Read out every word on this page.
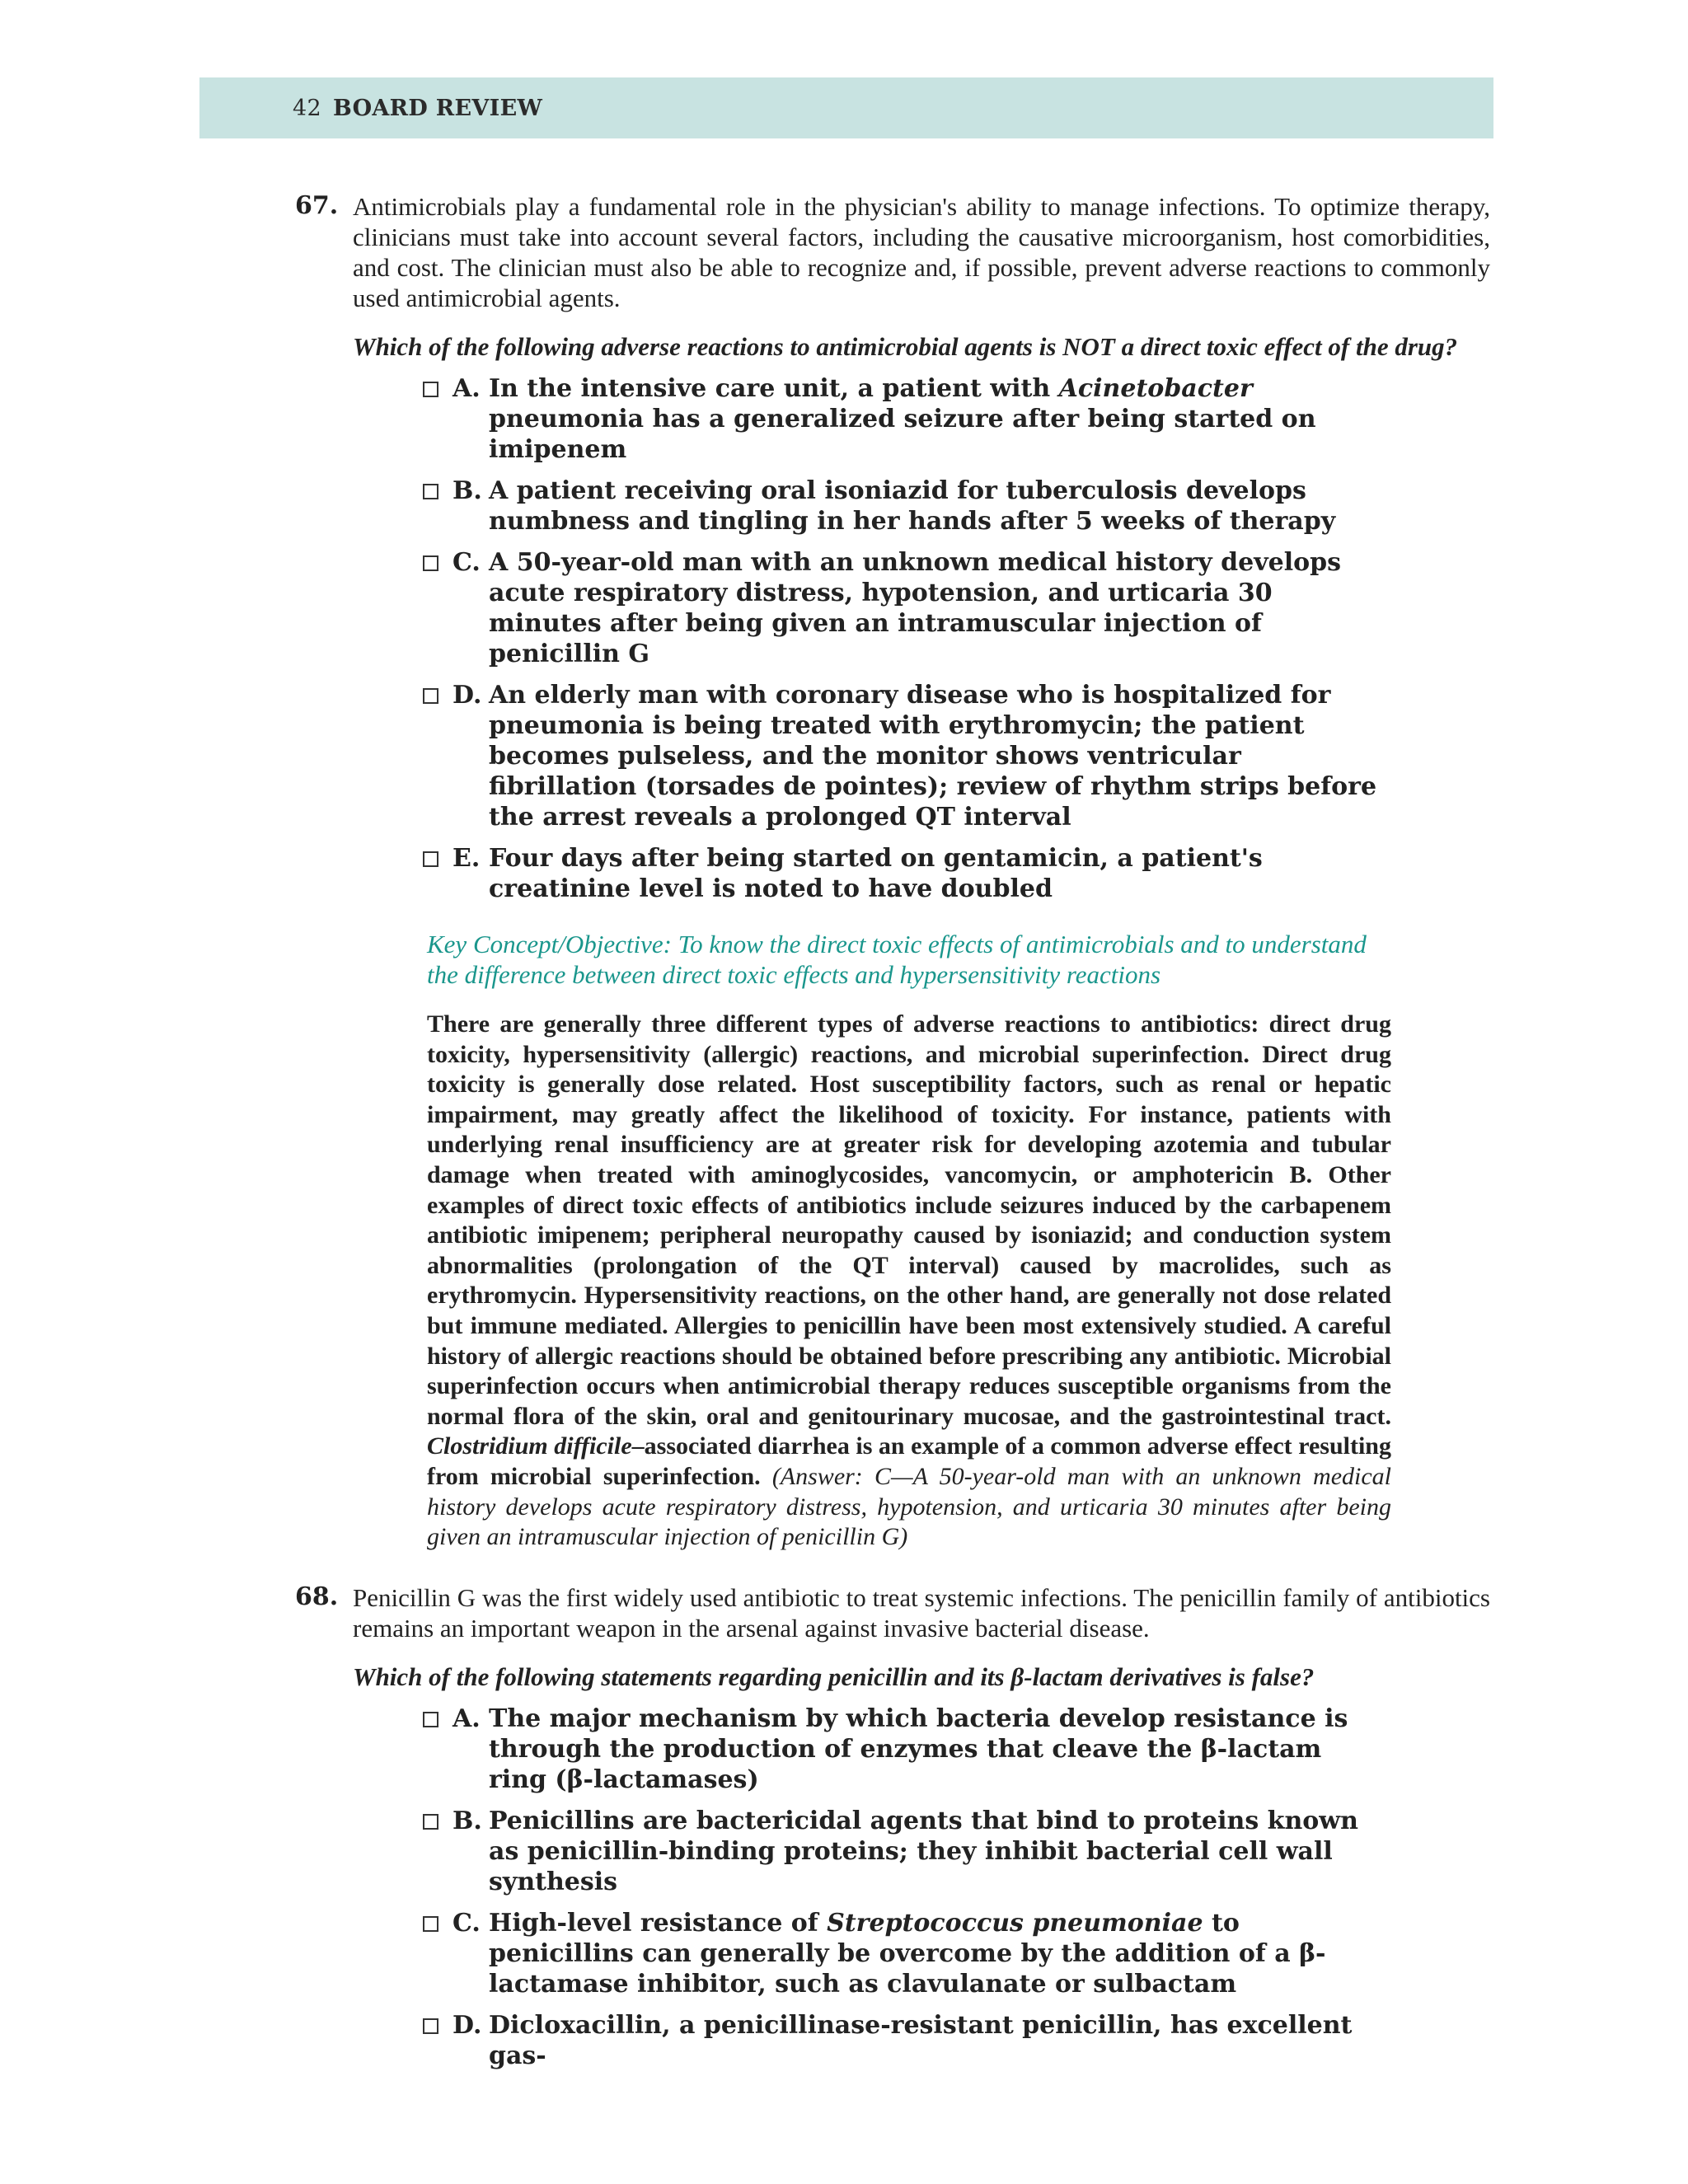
42 BOARD REVIEW
67. Antimicrobials play a fundamental role in the physician's ability to manage infections. To optimize therapy, clinicians must take into account several factors, including the causative microorganism, host comorbidities, and cost. The clinician must also be able to recognize and, if possible, prevent adverse reactions to commonly used antimicrobial agents.
Which of the following adverse reactions to antimicrobial agents is NOT a direct toxic effect of the drug?
A. In the intensive care unit, a patient with Acinetobacter pneumonia has a generalized seizure after being started on imipenem
B. A patient receiving oral isoniazid for tuberculosis develops numbness and tingling in her hands after 5 weeks of therapy
C. A 50-year-old man with an unknown medical history develops acute respiratory distress, hypotension, and urticaria 30 minutes after being given an intramuscular injection of penicillin G
D. An elderly man with coronary disease who is hospitalized for pneumonia is being treated with erythromycin; the patient becomes pulseless, and the monitor shows ventricular fibrillation (torsades de pointes); review of rhythm strips before the arrest reveals a prolonged QT interval
E. Four days after being started on gentamicin, a patient's creatinine level is noted to have doubled
Key Concept/Objective: To know the direct toxic effects of antimicrobials and to understand the difference between direct toxic effects and hypersensitivity reactions
There are generally three different types of adverse reactions to antibiotics: direct drug toxicity, hypersensitivity (allergic) reactions, and microbial superinfection. Direct drug toxicity is generally dose related. Host susceptibility factors, such as renal or hepatic impairment, may greatly affect the likelihood of toxicity. For instance, patients with underlying renal insufficiency are at greater risk for developing azotemia and tubular damage when treated with aminoglycosides, vancomycin, or amphotericin B. Other examples of direct toxic effects of antibiotics include seizures induced by the carbapenem antibiotic imipenem; peripheral neuropathy caused by isoniazid; and conduction system abnormalities (prolongation of the QT interval) caused by macrolides, such as erythromycin. Hypersensitivity reactions, on the other hand, are generally not dose related but immune mediated. Allergies to penicillin have been most extensively studied. A careful history of allergic reactions should be obtained before prescribing any antibiotic. Microbial superinfection occurs when antimicrobial therapy reduces susceptible organisms from the normal flora of the skin, oral and genitourinary mucosae, and the gastrointestinal tract. Clostridium difficile–associated diarrhea is an example of a common adverse effect resulting from microbial superinfection. (Answer: C—A 50-year-old man with an unknown medical history develops acute respiratory distress, hypotension, and urticaria 30 minutes after being given an intramuscular injection of penicillin G)
68. Penicillin G was the first widely used antibiotic to treat systemic infections. The penicillin family of antibiotics remains an important weapon in the arsenal against invasive bacterial disease.
Which of the following statements regarding penicillin and its β-lactam derivatives is false?
A. The major mechanism by which bacteria develop resistance is through the production of enzymes that cleave the β-lactam ring (β-lactamases)
B. Penicillins are bactericidal agents that bind to proteins known as penicillin-binding proteins; they inhibit bacterial cell wall synthesis
C. High-level resistance of Streptococcus pneumoniae to penicillins can generally be overcome by the addition of a β-lactamase inhibitor, such as clavulanate or sulbactam
D. Dicloxacillin, a penicillinase-resistant penicillin, has excellent gas-
